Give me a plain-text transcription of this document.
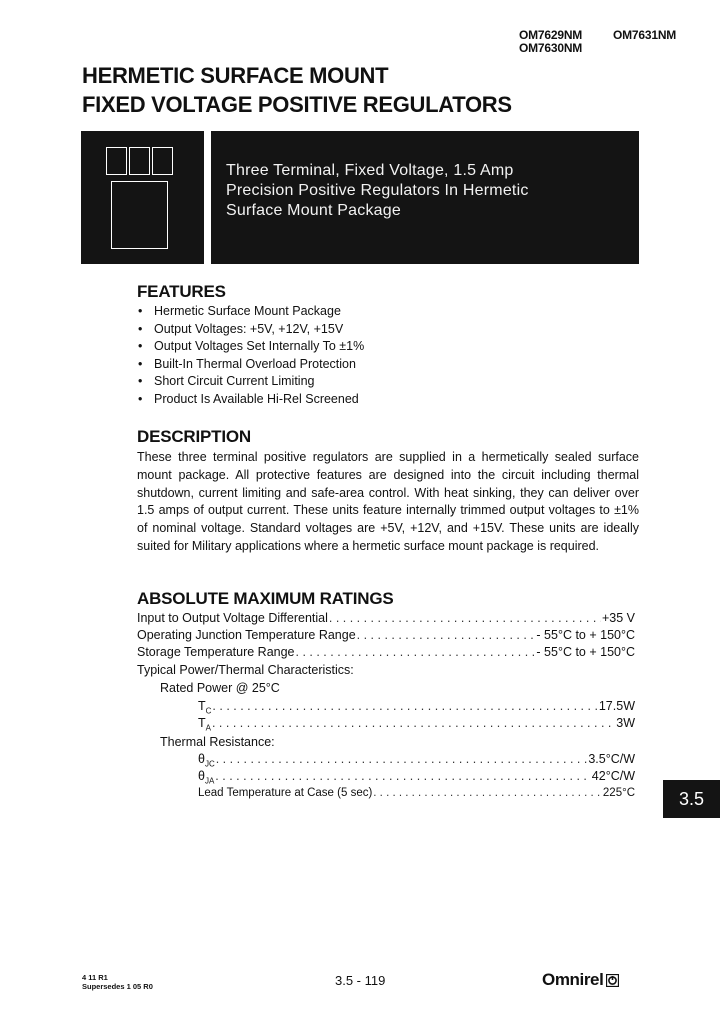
OM7629NM	OM7631NM
OM7630NM
HERMETIC SURFACE MOUNT
FIXED VOLTAGE POSITIVE REGULATORS
Three Terminal, Fixed Voltage, 1.5 Amp
Precision Positive Regulators In Hermetic
Surface Mount Package
FEATURES
• Hermetic Surface Mount Package
• Output Voltages: +5V, +12V, +15V
• Output Voltages Set Internally To ±1%
• Built-In Thermal Overload Protection
• Short Circuit Current Limiting
• Product Is Available Hi-Rel Screened
DESCRIPTION
These three terminal positive regulators are supplied in a hermetically sealed surface mount package. All protective features are designed into the circuit including thermal shutdown, current limiting and safe-area control. With heat sinking, they can deliver over 1.5 amps of output current. These units feature internally trimmed output voltages to ±1% of nominal voltage. Standard voltages are +5V, +12V, and +15V. These units are ideally suited for Military applications where a hermetic surface mount package is required.
ABSOLUTE MAXIMUM RATINGS
Input to Output Voltage Differential . . .	+35 V
Operating Junction Temperature Range . . .	- 55°C to + 150°C
Storage Temperature Range . . .	- 55°C to + 150°C
Typical Power/Thermal Characteristics:
Rated Power @ 25°C
$T_C$ . . .	17.5W
$T_A$ . . .	3W
Thermal Resistance:
$\theta_{JC}$ . . .	3.5°C/W
$\theta_{JA}$ . . .	42°C/W
Lead Temperature at Case (5 sec) . . .	225°C	3.5
4 11 R1
Supersedes 1 05 R0	3.5 - 119	Omnirel
